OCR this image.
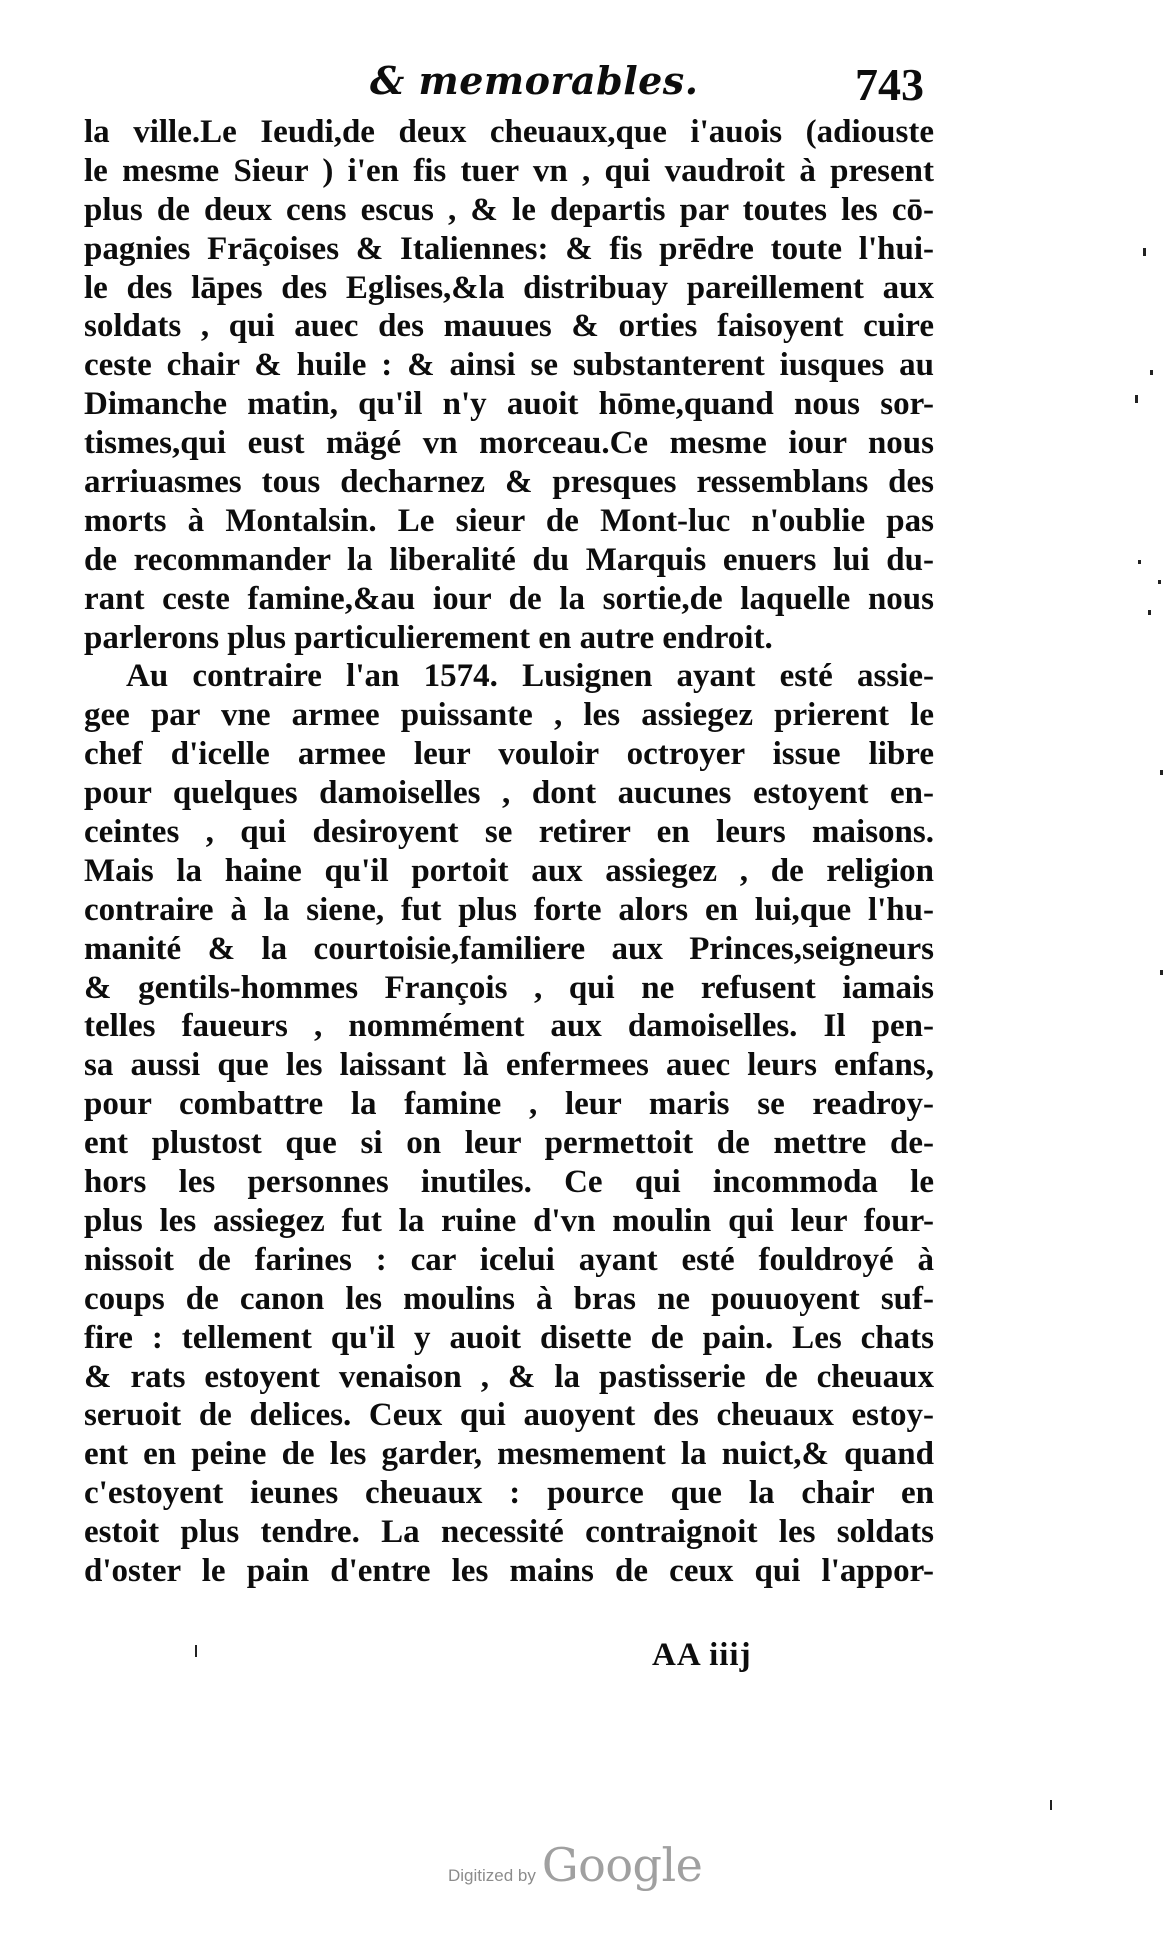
& memorables.	743
la ville.Le Ieudi,de deux cheuaux,que i'auois (adiouste
le mesme Sieur ) i'en fis tuer vn , qui vaudroit à present
plus de deux cens escus , & le departis par toutes les cō-
pagnies Frāçoises & Italiennes: & fis prēdre toute l'hui-
le des lāpes des Eglises,&la distribuay pareillement aux
soldats , qui auec des mauues & orties faisoyent cuire
ceste chair & huile : & ainsi se substanterent iusques au
Dimanche matin, qu'il n'y auoit hōme,quand nous sor-
tismes,qui eust mägé vn morceau.Ce mesme iour nous
arriuasmes tous decharnez & presques ressemblans des
morts à Montalsin. Le sieur de Mont-luc n'oublie pas
de recommander la liberalité du Marquis enuers lui du-
rant ceste famine,&au iour de la sortie,de laquelle nous
parlerons plus particulierement en autre endroit.
Au contraire l'an 1574. Lusignen ayant esté assie-
gee par vne armee puissante , les assiegez prierent le
chef d'icelle armee leur vouloir octroyer issue libre
pour quelques damoiselles , dont aucunes estoyent en-
ceintes , qui desiroyent se retirer en leurs maisons.
Mais la haine qu'il portoit aux assiegez , de religion
contraire à la siene, fut plus forte alors en lui,que l'hu-
manité & la courtoisie,familiere aux Princes,seigneurs
& gentils-hommes François , qui ne refusent iamais
telles faueurs , nommément aux damoiselles. Il pen-
sa aussi que les laissant là enfermees auec leurs enfans,
pour combattre la famine , leur maris se readroy-
ent plustost que si on leur permettoit de mettre de-
hors les personnes inutiles. Ce qui incommoda le
plus les assiegez fut la ruine d'vn moulin qui leur four-
nissoit de farines : car icelui ayant esté fouldroyé à
coups de canon les moulins à bras ne pouuoyent suf-
fire : tellement qu'il y auoit disette de pain. Les chats
& rats estoyent venaison , & la pastisserie de cheuaux
seruoit de delices. Ceux qui auoyent des cheuaux estoy-
ent en peine de les garder, mesmement la nuict,& quand
c'estoyent ieunes cheuaux : pource que la chair en
estoit plus tendre. La necessité contraignoit les soldats
d'oster le pain d'entre les mains de ceux qui l'appor-
AA iiij
Digitized by Google
